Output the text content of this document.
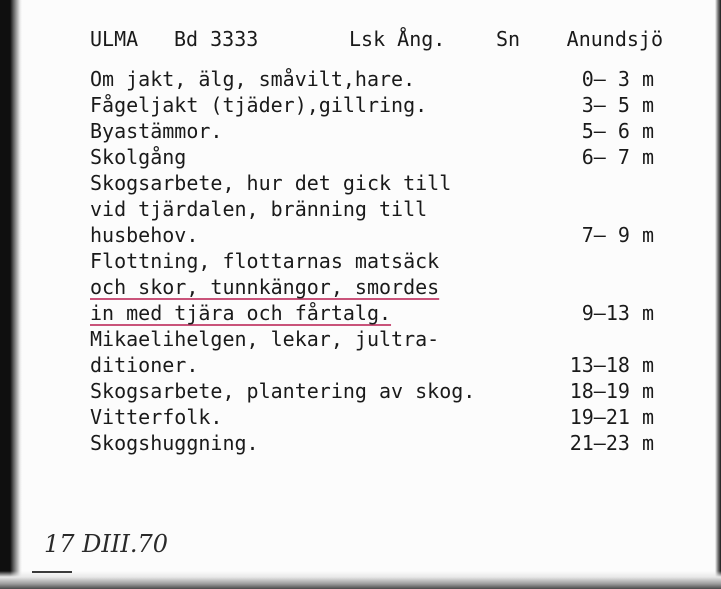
ULMA Bd 3333	Lsk Ång.	Sn Anundsjö
Om jakt, älg, småvilt,hare.	0– 3 m
Fågeljakt (tjäder),gillring.	3– 5 m
Byastämmor.	5– 6 m
Skolgång	6– 7 m
Skogsarbete, hur det gick till
vid tjärdalen, bränning till
husbehov.	7– 9 m
Flottning, flottarnas matsäck
och skor, tunnkängor, smordes
in med tjära och fårtalg.	9–13 m
Mikaelihelgen, lekar, jultra-
ditioner.	13–18 m
Skogsarbete, plantering av skog.	18–19 m
Vitterfolk.	19–21 m
Skogshuggning.	21–23 m
17 DIII.70
